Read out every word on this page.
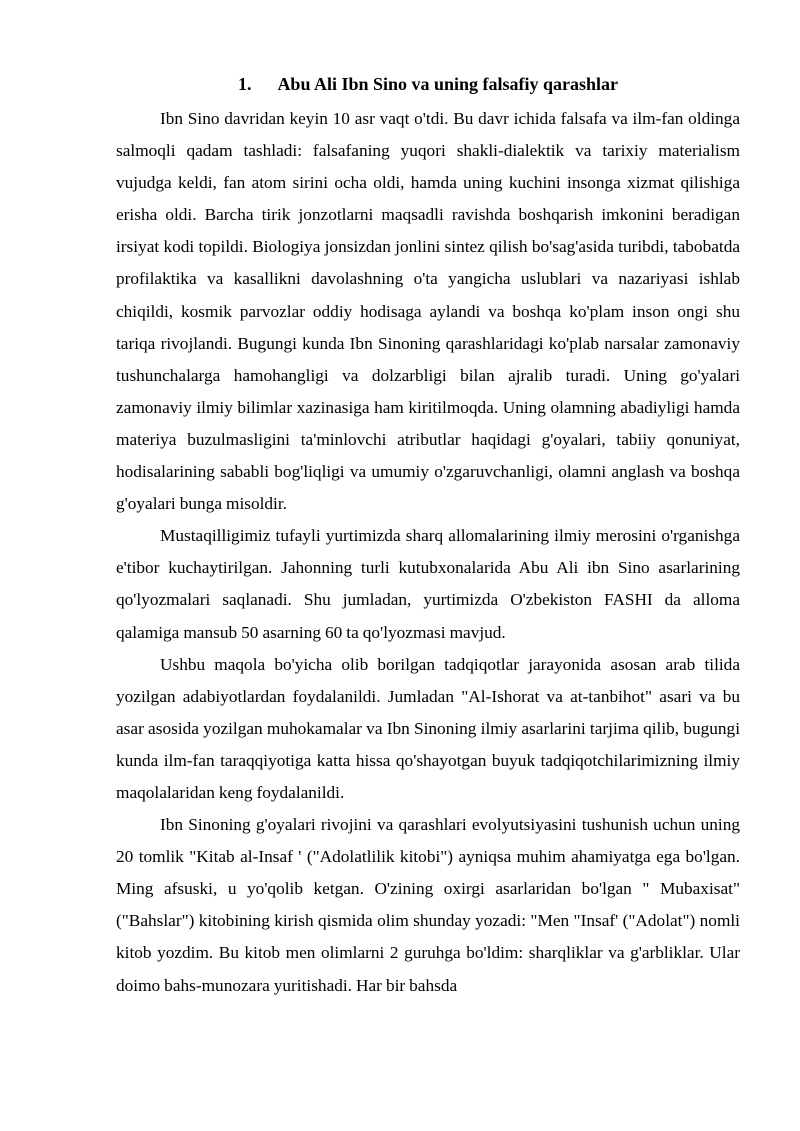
1. Abu Ali Ibn Sino va uning falsafiy qarashlar

Ibn Sino davridan keyin 10 asr vaqt o'tdi. Bu davr ichida falsafa va ilm-fan oldinga salmoqli qadam tashladi: falsafaning yuqori shakli-dialektik va tarixiy materialism vujudga keldi, fan atom sirini ocha oldi, hamda uning kuchini insonga xizmat qilishiga erisha oldi. Barcha tirik jonzotlarni maqsadli ravishda boshqarish imkonini beradigan irsiyat kodi topildi. Biologiya jonsizdan jonlini sintez qilish bo'sag'asida turibdi, tabobatda profilaktika va kasallikni davolashning o'ta yangicha uslublari va nazariyasi ishlab chiqildi, kosmik parvozlar oddiy hodisaga aylandi va boshqa ko'plam inson ongi shu tariqa rivojlandi. Bugungi kunda Ibn Sinoning qarashlaridagi ko'plab narsalar zamonaviy tushunchalarga hamohangligi va dolzarbligi bilan ajralib turadi. Uning go'yalari zamonaviy ilmiy bilimlar xazinasiga ham kiritilmoqda. Uning olamning abadiyligi hamda materiya buzulmasligini ta'minlovchi atributlar haqidagi g'oyalari, tabiiy qonuniyat, hodisalarining sababli bog'liqligi va umumiy o'zgaruvchanligi, olamni anglash va boshqa g'oyalari bunga misoldir.

Mustaqilligimiz tufayli yurtimizda sharq allomalarining ilmiy merosini o'rganishga e'tibor kuchaytirilgan. Jahonning turli kutubxonalarida Abu Ali ibn Sino asarlarining qo'lyozmalari saqlanadi. Shu jumladan, yurtimizda O'zbekiston FASHI da alloma qalamiga mansub 50 asarning 60 ta qo'lyozmasi mavjud.

Ushbu maqola bo'yicha olib borilgan tadqiqotlar jarayonida asosan arab tilida yozilgan adabiyotlardan foydalanildi. Jumladan "Al-Ishorat va at-tanbihot" asari va bu asar asosida yozilgan muhokamalar va Ibn Sinoning ilmiy asarlarini tarjima qilib, bugungi kunda ilm-fan taraqqiyotiga katta hissa qo'shayotgan buyuk tadqiqotchilarimizning ilmiy maqolalaridan keng foydalanildi.

Ibn Sinoning g'oyalari rivojini va qarashlari evolyutsiyasini tushunish uchun uning 20 tomlik "Kitab al-Insaf ' ("Adolatlilik kitobi") ayniqsa muhim ahamiyatga ega bo'lgan. Ming afsuski, u yo'qolib ketgan. O'zining oxirgi asarlaridan bo'lgan " Mubaxisat" ("Bahslar") kitobining kirish qismida olim shunday yozadi: "Men "Insaf' ("Adolat") nomli kitob yozdim. Bu kitob men olimlarni 2 guruhga bo'ldim: sharqliklar va g'arbliklar. Ular doimo bahs-munozara yuritishadi. Har bir bahsda
